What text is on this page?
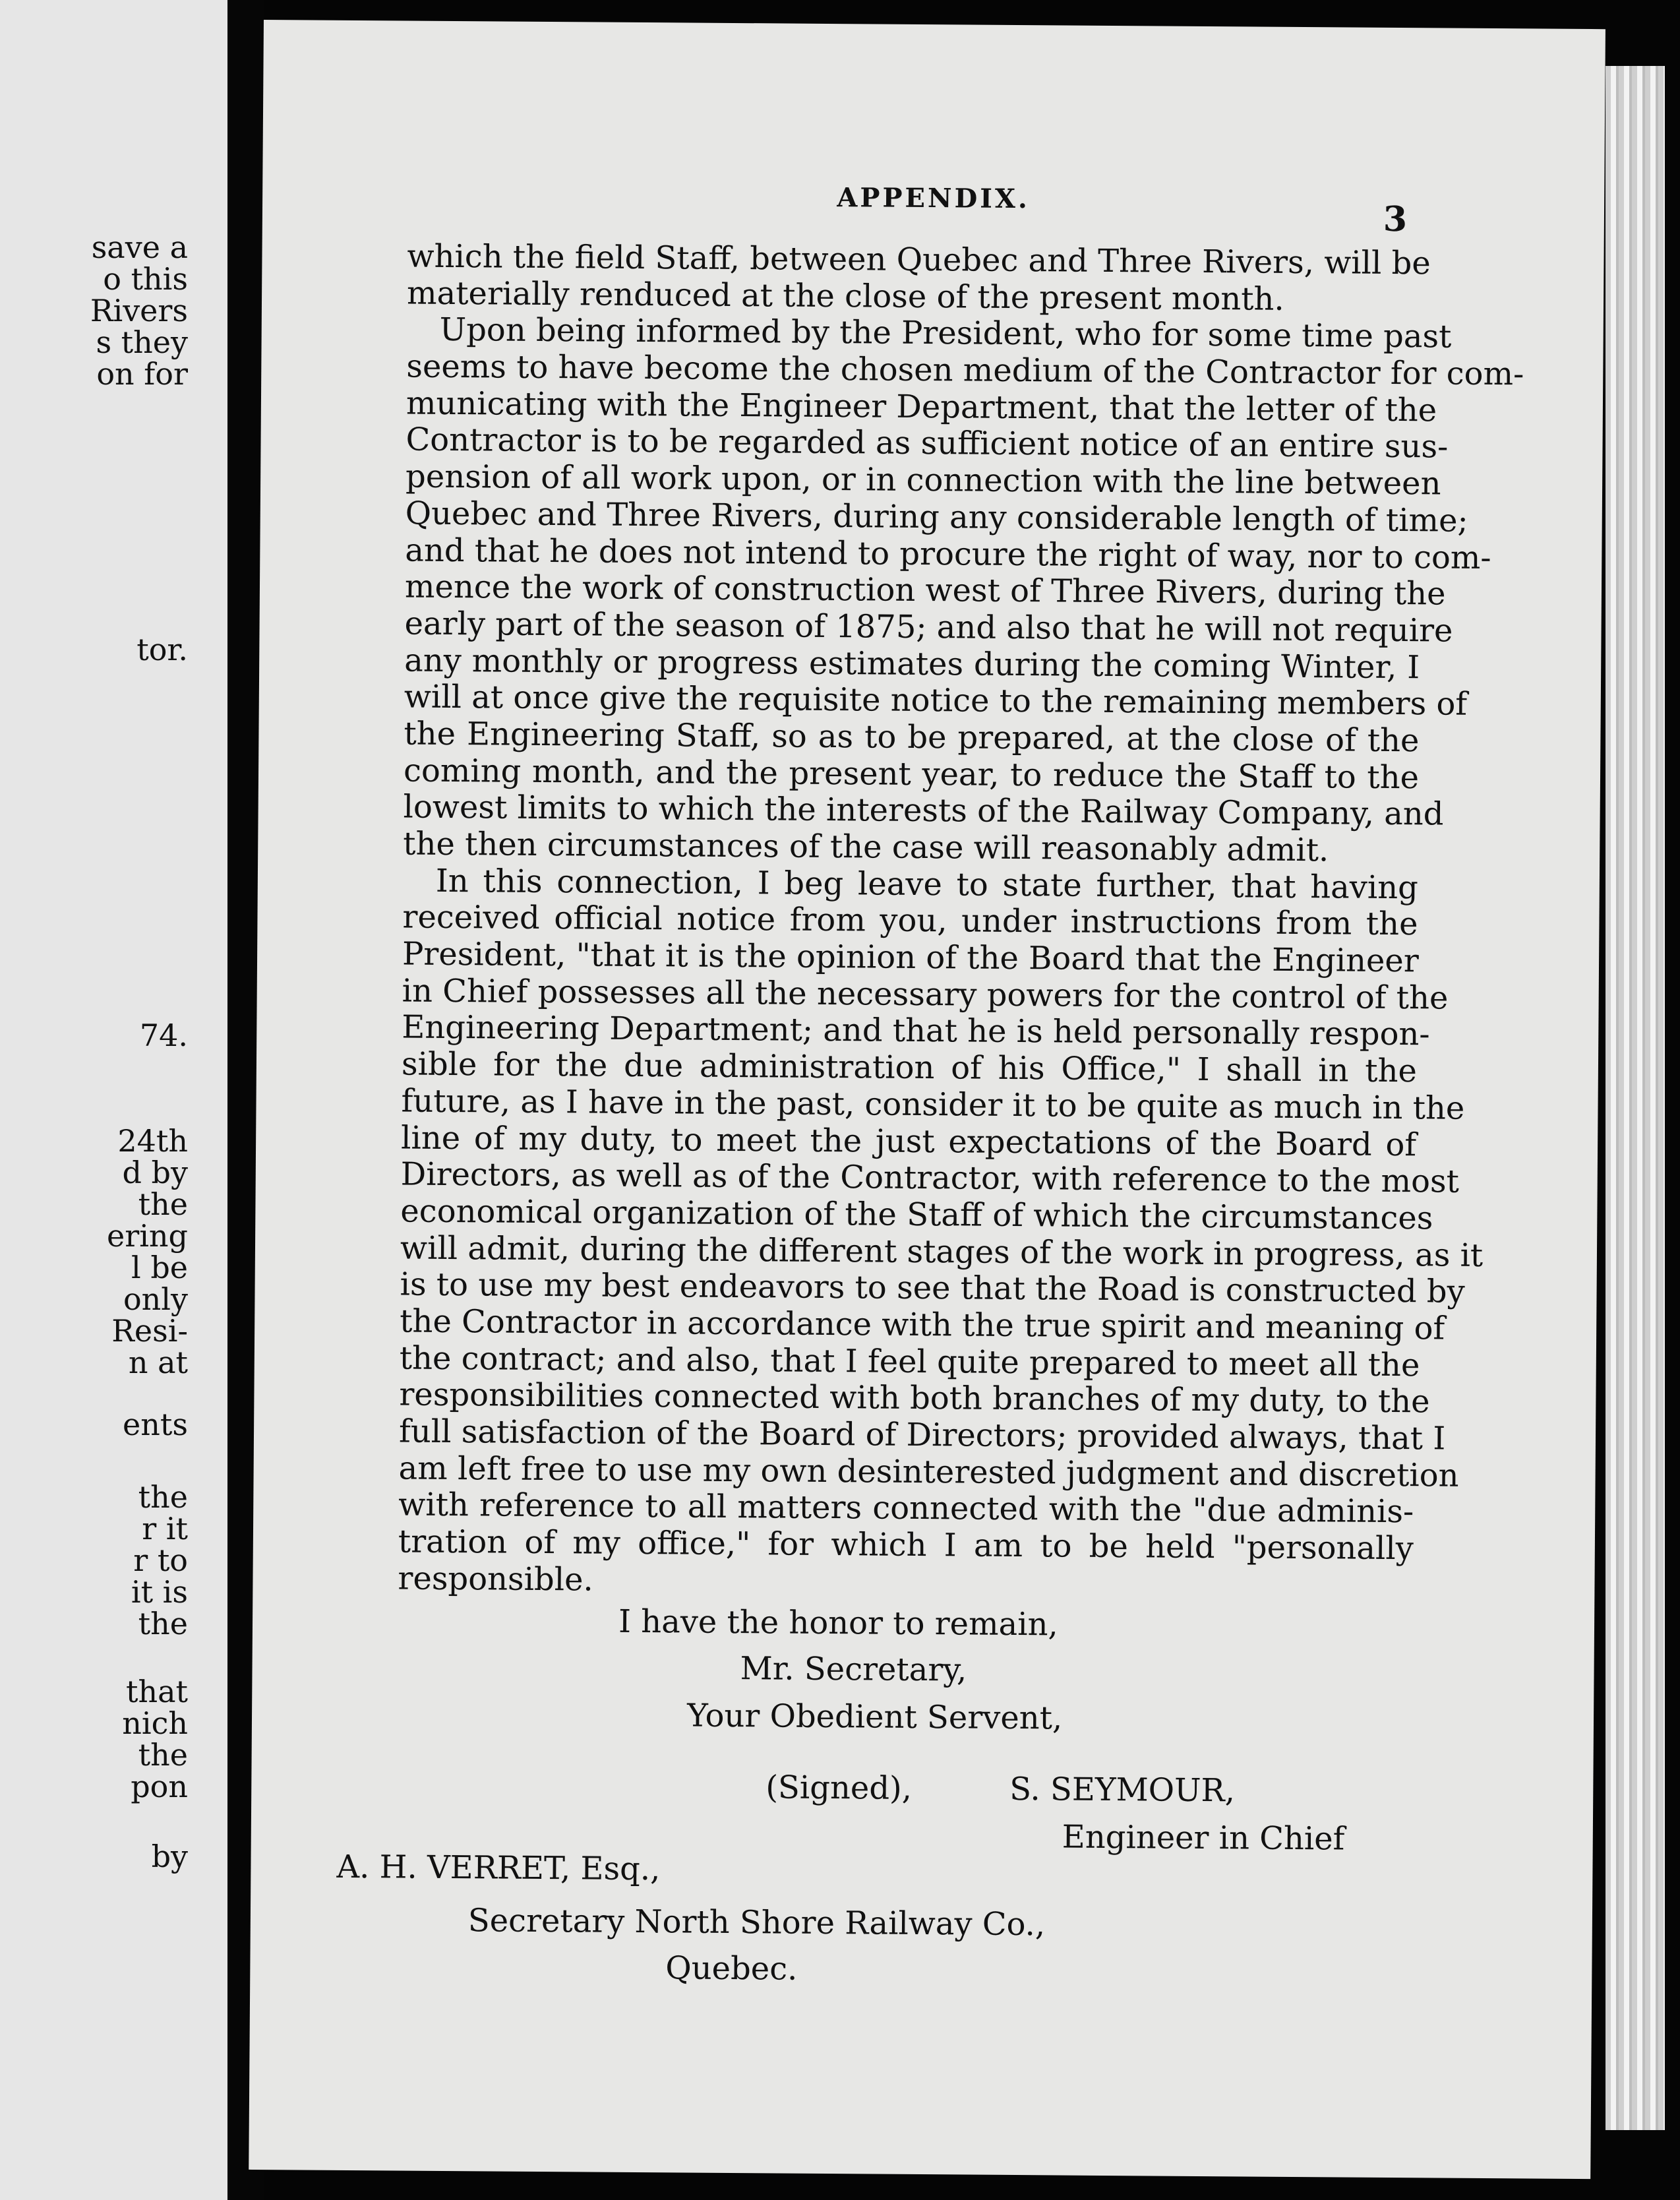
save a
o this
Rivers
s they
on for
tor.
74.
24th
d by
the
ering
l be
only
Resi-
n at
ents
the
r it
r to
it is
the
that
nich
the
pon
by
APPENDIX.
3
which the field Staff, between Quebec and Three Rivers, will be
materially renduced at the close of the present month.
Upon being informed by the President, who for some time past
seems to have become the chosen medium of the Contractor for com-
municating with the Engineer Department, that the letter of the
Contractor is to be regarded as sufficient notice of an entire sus-
pension of all work upon, or in connection with the line between
Quebec and Three Rivers, during any considerable length of time;
and that he does not intend to procure the right of way, nor to com-
mence the work of construction west of Three Rivers, during the
early part of the season of 1875; and also that he will not require
any monthly or progress estimates during the coming Winter, I
will at once give the requisite notice to the remaining members of
the Engineering Staff, so as to be prepared, at the close of the
coming month, and the present year, to reduce the Staff to the
lowest limits to which the interests of the Railway Company, and
the then circumstances of the case will reasonably admit.
In this connection, I beg leave to state further, that having
received official notice from you, under instructions from the
President, "that it is the opinion of the Board that the Engineer
in Chief possesses all the necessary powers for the control of the
Engineering Department; and that he is held personally respon-
sible for the due administration of his Office," I shall in the
future, as I have in the past, consider it to be quite as much in the
line of my duty, to meet the just expectations of the Board of
Directors, as well as of the Contractor, with reference to the most
economical organization of the Staff of which the circumstances
will admit, during the different stages of the work in progress, as it
is to use my best endeavors to see that the Road is constructed by
the Contractor in accordance with the true spirit and meaning of
the contract; and also, that I feel quite prepared to meet all the
responsibilities connected with both branches of my duty, to the
full satisfaction of the Board of Directors; provided always, that I
am left free to use my own desinterested judgment and discretion
with reference to all matters connected with the "due adminis-
tration of my office," for which I am to be held "personally
responsible.
I have the honor to remain,
Mr. Secretary,
Your Obedient Servent,
(Signed),	S. SEYMOUR,
Engineer in Chief
A. H. VERRET, Esq.,
Secretary North Shore Railway Co.,
Quebec.
